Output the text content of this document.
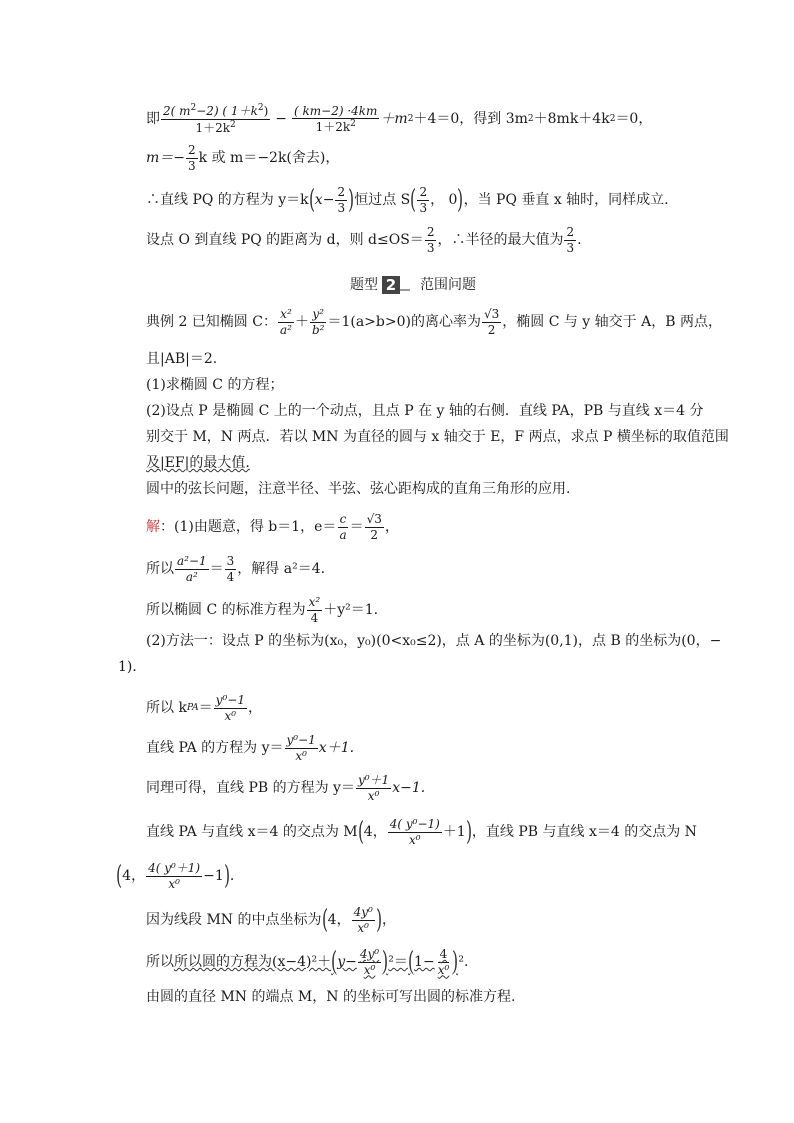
即 $\frac{2( m^2-2) ( 1+k^2)}{1+2k^2} - \frac{( km-2) \cdot 4km}{1+2k^2} +m$ 2 ＋4＝0，得到 3m 2 ＋8mk＋4k 2 ＝0，
$m=- \frac{2}{3}$ k 或 m＝−2k(舍去)，
∴直线 PQ 的方程为 y＝k ( $x- \frac{2}{3}$ ) 恒过点 S ( $\frac{2}{3}$ ， 0 ) ，当 PQ 垂直 x 轴时，同样成立.
设点 O 到直线 PQ 的距离为 d，则 $d\le OS= \frac{2}{3}$ ，∴半径的最大值为 $\frac{2}{3}$ .
题型 2 范围问题
典例 2 已知椭圆 C： $\frac{\text{x²}}{\text{a²}} + \frac{\text{y²}}{\text{b²}} =1(a>b>0)$的离心率为 $\frac{√3}{2}$ ，椭圆 C 与 y 轴交于 A，B 两点，
且|AB|＝2.
(1)求椭圆 C 的方程；
(2)设点 P 是椭圆 C 上的一个动点，且点 P 在 y 轴的右侧．直线 PA，PB 与直线 x＝4 分
别交于 M，N 两点．若以 MN 为直径的圆与 x 轴交于 E，F 两点，求点 P 横坐标的取值范围
及|EF|的最大值.
圆中的弦长问题，注意半径、半弦、弦心距构成的直角三角形的应用.
解 ：(1)由题意，得 b＝1，$e= \frac{c}{a} = \frac{√3}{2}$ ，
所以 $\frac{\text{a²−1}}{\text{a²}} = \frac{3}{4}$ ，解得 a²＝4.
所以椭圆 C 的标准方程为 $\frac{\text{x²}}{4} +y^2=1$.
(2)方法一：设点 P 的坐标为(x₀，y₀)(0<x₀≤2)，点 A 的坐标为(0,1)，点 B 的坐标为(0，−
1)．
所以 k PA ＝ $\frac{\text{y⁰−1}}{\text{x⁰}}$ ，
直线 PA 的方程为 $y= \frac{\text{y⁰−1}}{\text{x⁰}} x+1$.
同理可得，直线 PB 的方程为 $y= \frac{\text{y⁰＋1}}{\text{x⁰}} x-1$.
直线 PA 与直线 x＝4 的交点为 M ( 4， $\frac{\text{4( y⁰−1)}}{\text{x⁰}} +1$ ) ，直线 PB 与直线 x＝4 的交点为 N
( 4， $\frac{\text{4( y⁰＋1)}}{\text{x⁰}} -1$ ) .
因为线段 MN 的中点坐标为 ( 4， $\frac{\text{4y⁰}}{\text{x⁰}}$ ) ，
所以 所以圆的方程为(x−4)²＋ ( $y- \frac{\text{4y⁰}}{\text{x⁰}}$ ) ²＝ ( $1- \frac{4}{\text{x⁰}}$ ) ².
由圆的直径 MN 的端点 M，N 的坐标可写出圆的标准方程.
